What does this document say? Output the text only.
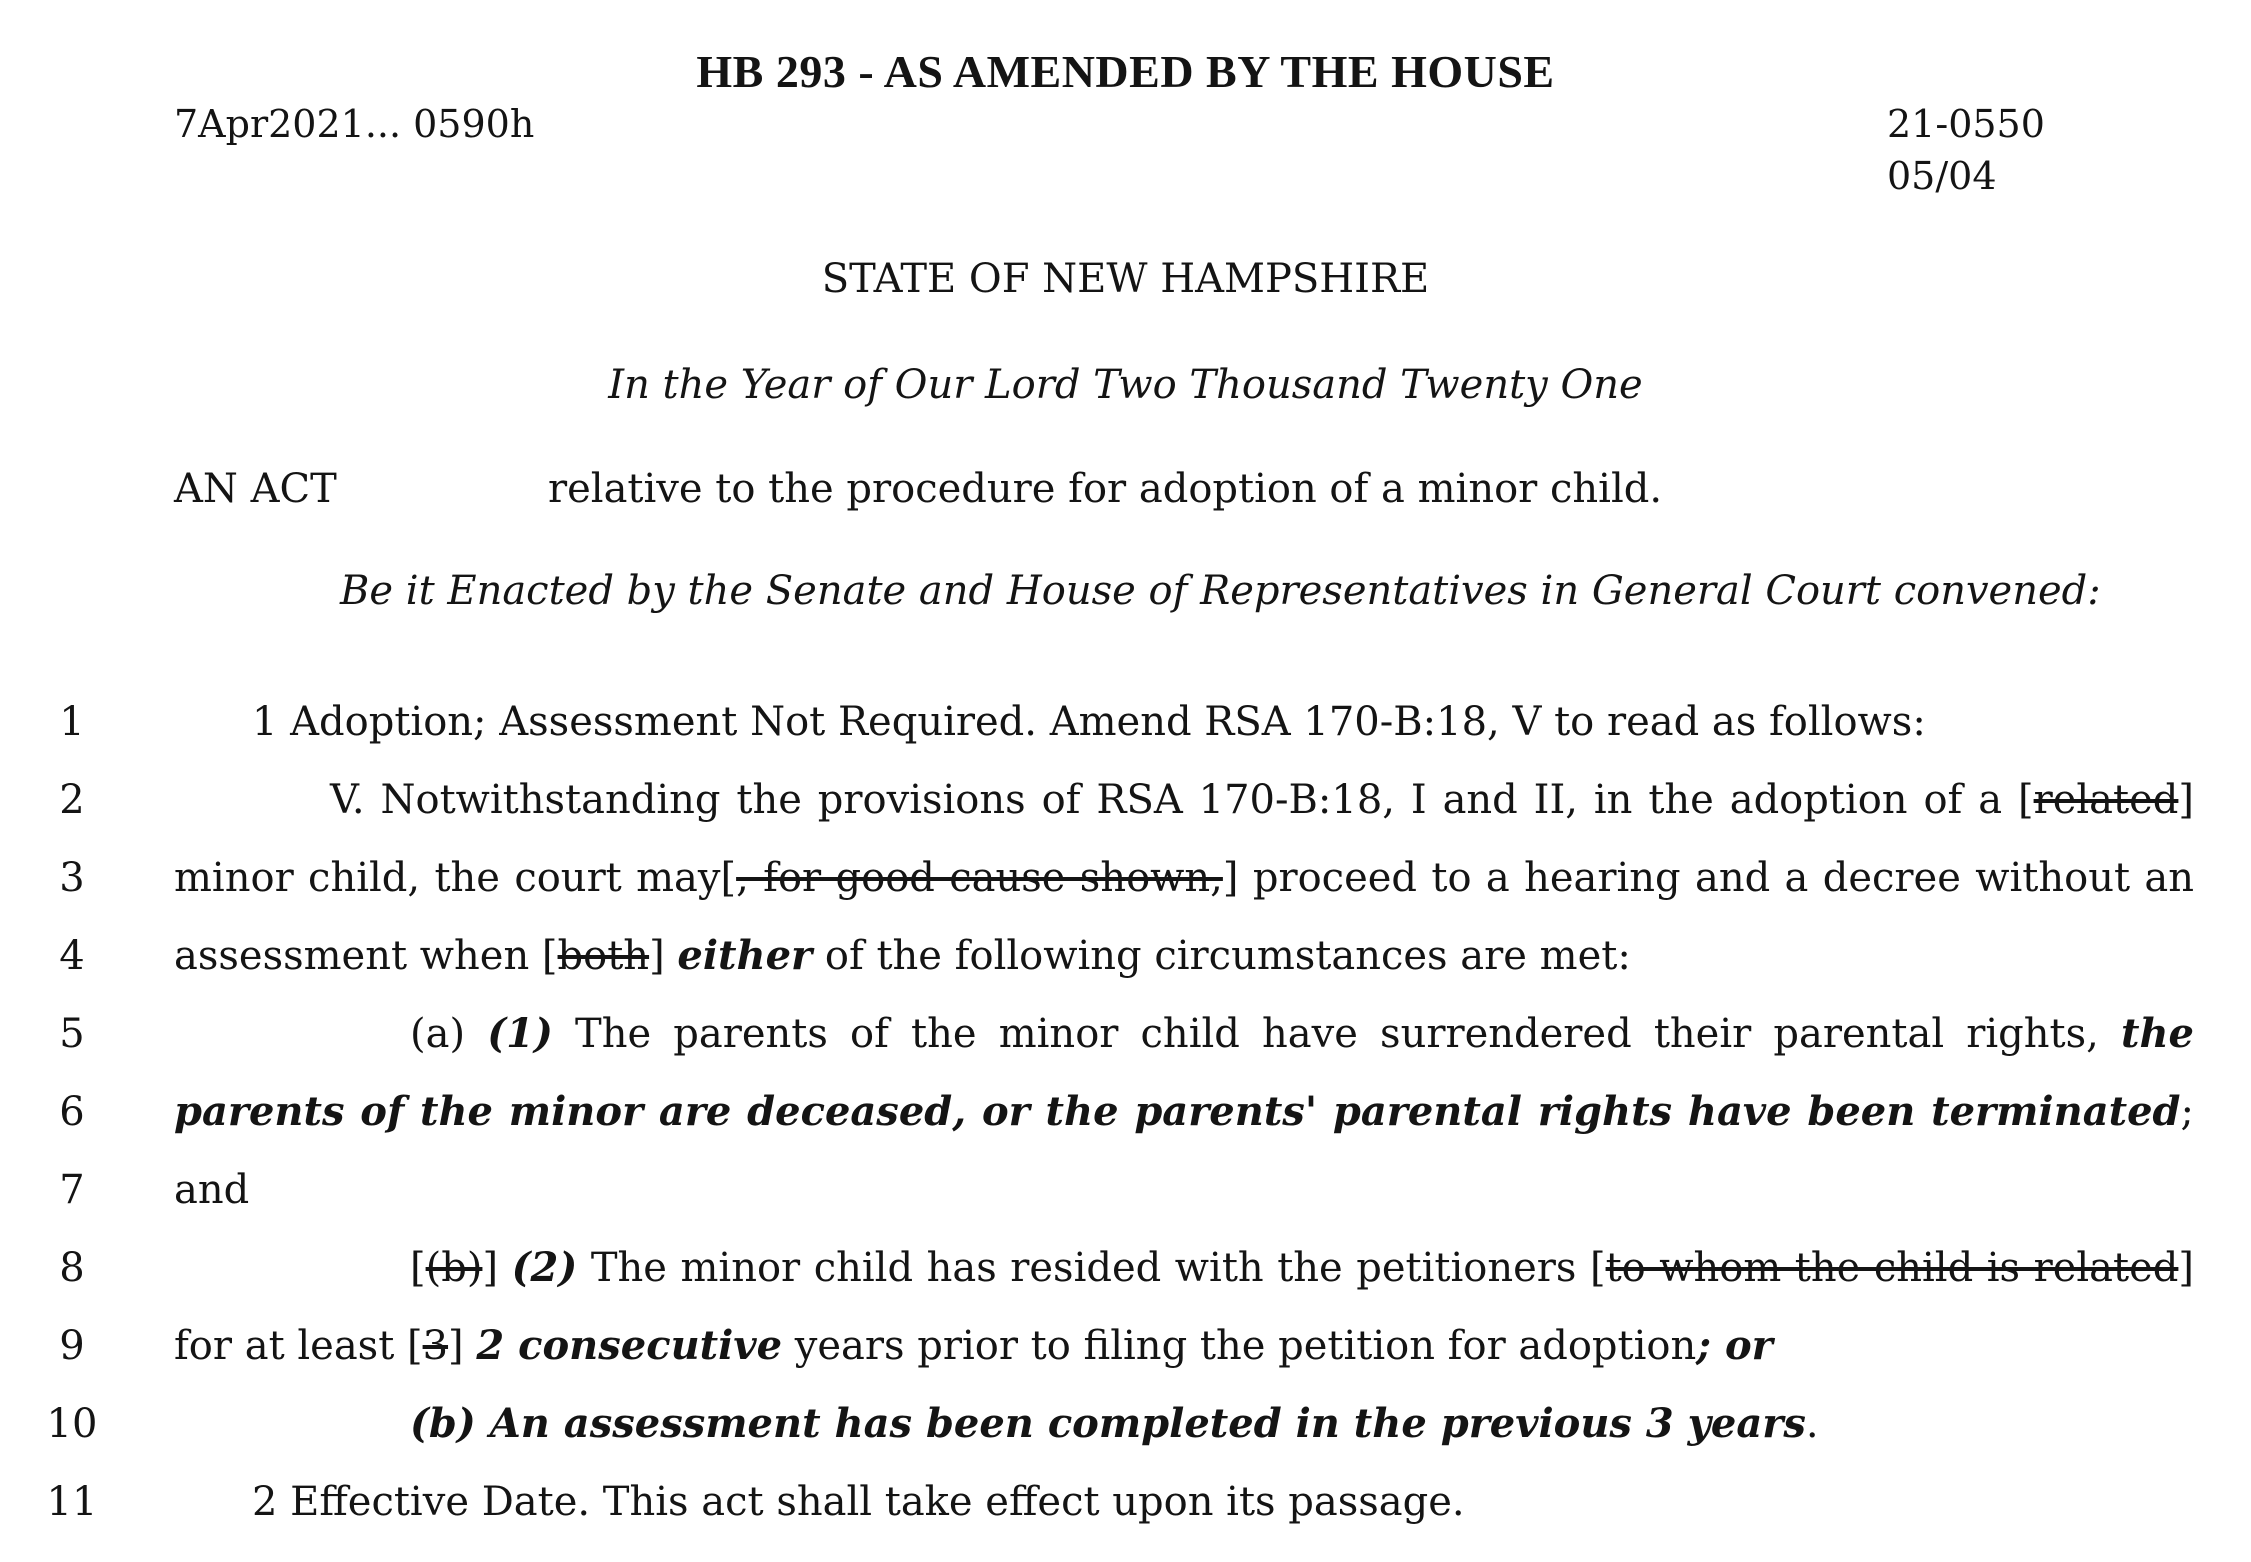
HB 293 - AS AMENDED BY THE HOUSE
7Apr2021... 0590h	21-0550
05/04
STATE OF NEW HAMPSHIRE
In the Year of Our Lord Two Thousand Twenty One
AN ACT	relative to the procedure for adoption of a minor child.
Be it Enacted by the Senate and House of Representatives in General Court convened:
1
2
3
4
5
6
7
8
9
10
11
1 Adoption; Assessment Not Required. Amend RSA 170-B:18, V to read as follows:
V. Notwithstanding the provisions of RSA 170-B:18, I and II, in the adoption of a [related]
minor child, the court may[, for good cause shown,] proceed to a hearing and a decree without an
assessment when [both] either of the following circumstances are met:
(a) (1) The parents of the minor child have surrendered their parental rights, the
parents of the minor are deceased, or the parents' parental rights have been terminated;
and
[(b)] (2) The minor child has resided with the petitioners [to whom the child is related]
for at least [3] 2 consecutive years prior to filing the petition for adoption; or
(b) An assessment has been completed in the previous 3 years.
2 Effective Date. This act shall take effect upon its passage.
